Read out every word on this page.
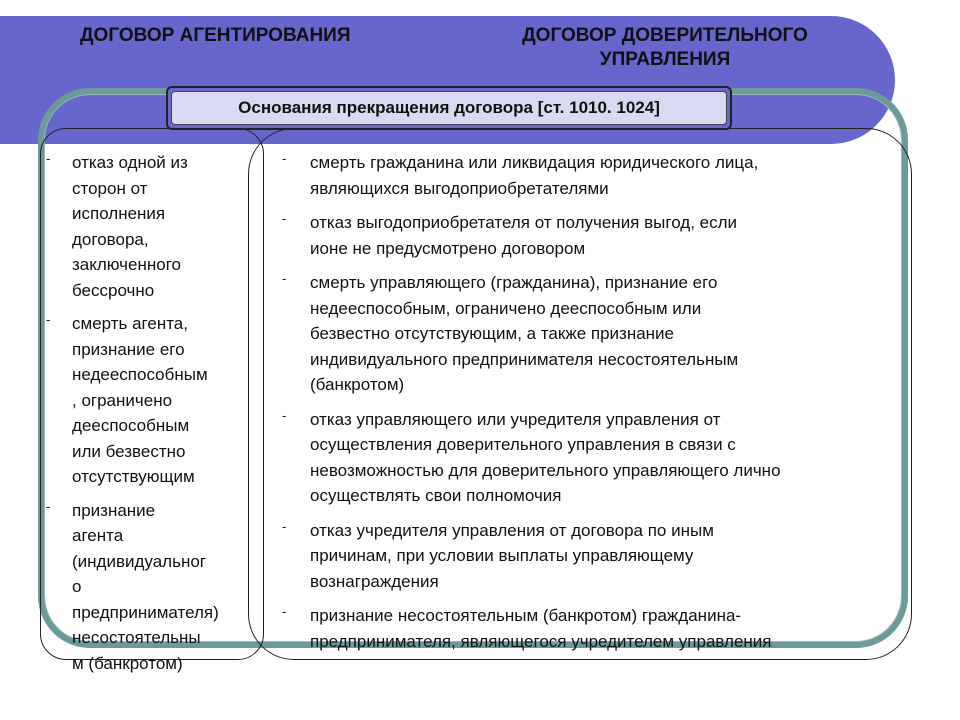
ДОГОВОР АГЕНТИРОВАНИЯ	ДОГОВОР ДОВЕРИТЕЛЬНОГО
УПРАВЛЕНИЯ
Основания прекращения договора [ст. 1010. 1024]
- отказ одной из
сторон от
исполнения
договора,
заключенного
бессрочно
- смерть агента,
признание его
недееспособным
, ограничено
дееспособным
или безвестно
отсутствующим
- признание
агента
(индивидуальног
о
предпринимателя)
несостоятельны
м (банкротом)
- смерть гражданина или ликвидация юридического лица,
являющихся выгодоприобретателями
- отказ выгодоприобретателя от получения выгод, если
ионе не предусмотрено договором
- смерть управляющего (гражданина), признание его
недееспособным, ограничено дееспособным или
безвестно отсутствующим, а также признание
индивидуального предпринимателя несостоятельным
(банкротом)
- отказ управляющего или учредителя управления от
осуществления доверительного управления в связи с
невозможностью для доверительного управляющего лично
осуществлять свои полномочия
- отказ учредителя управления от договора по иным
причинам, при условии выплаты управляющему
вознаграждения
- признание несостоятельным (банкротом) гражданина-
предпринимателя, являющегося учредителем управления
